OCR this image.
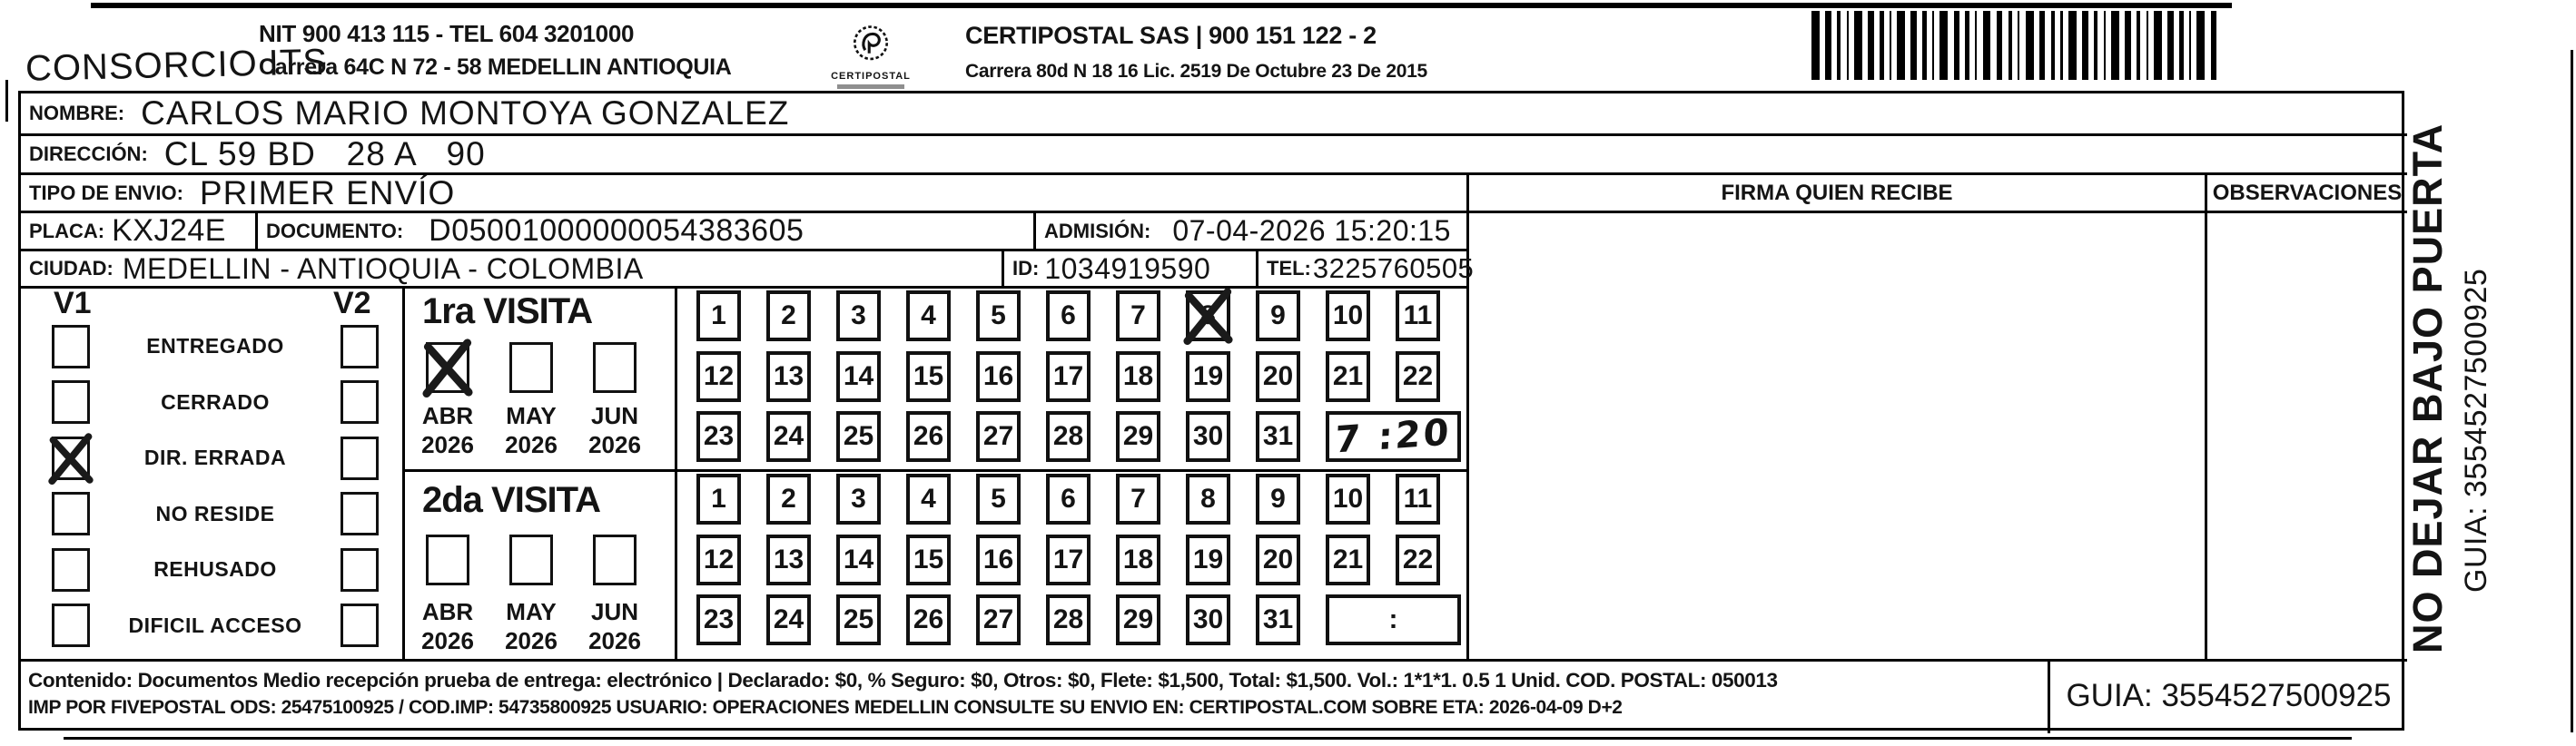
CONSORCIO ITS
NIT 900 413 115 - TEL 604 3201000
Carrera 64C N 72 - 58 MEDELLIN ANTIOQUIA	CERTIPOSTAL
CERTIPOSTAL SAS | 900 151 122 - 2
Carrera 80d N 18 16 Lic. 2519 De Octubre 23 De 2015
NOMBRE: CARLOS MARIO MONTOYA GONZALEZ
DIRECCIÓN: CL 59 BD   28 A   90
TIPO DE ENVIO: PRIMER ENVÍO	FIRMA QUIEN RECIBE	OBSERVACIONES
PLACA: KXJ24E DOCUMENTO: D05001000000054383605	ADMISIÓN: 07-04-2026 15:20:15
CIUDAD: MEDELLIN - ANTIOQUIA - COLOMBIA	ID: 1034919590	TEL: 3225760505
V1	V2
ENTREGADO
CERRADO
DIR. ERRADA
NO RESIDE
REHUSADO
DIFICIL ACCESO
1ra VISITA
ABR	MAY	JUN
2026	2026	2026
2da VISITA
ABR	MAY	JUN
2026	2026	2026
1	2	3	4	5	6	7	8	9	10 11
12 13 14 15 16 17 18 19 20 21 22
23 24 25 26 27 28 29 30 31 7 :20
1	2	3	4	5	6	7	8	9	10 11
12 13 14 15 16 17 18 19 20 21 22
23 24 25 26 27 28 29 30 31	:
Contenido: Documentos Medio recepción prueba de entrega: electrónico | Declarado: $0, % Seguro: $0, Otros: $0, Flete: $1,500, Total: $1,500. Vol.: 1*1*1. 0.5 1 Unid. COD. POSTAL: 050013
IMP POR FIVEPOSTAL ODS: 25475100925 / COD.IMP: 54735800925 USUARIO: OPERACIONES MEDELLIN CONSULTE SU ENVIO EN: CERTIPOSTAL.COM SOBRE ETA: 2026-04-09 D+2	GUIA: 3554527500925
NO DEJAR BAJO PUERTA GUIA: 3554527500925
